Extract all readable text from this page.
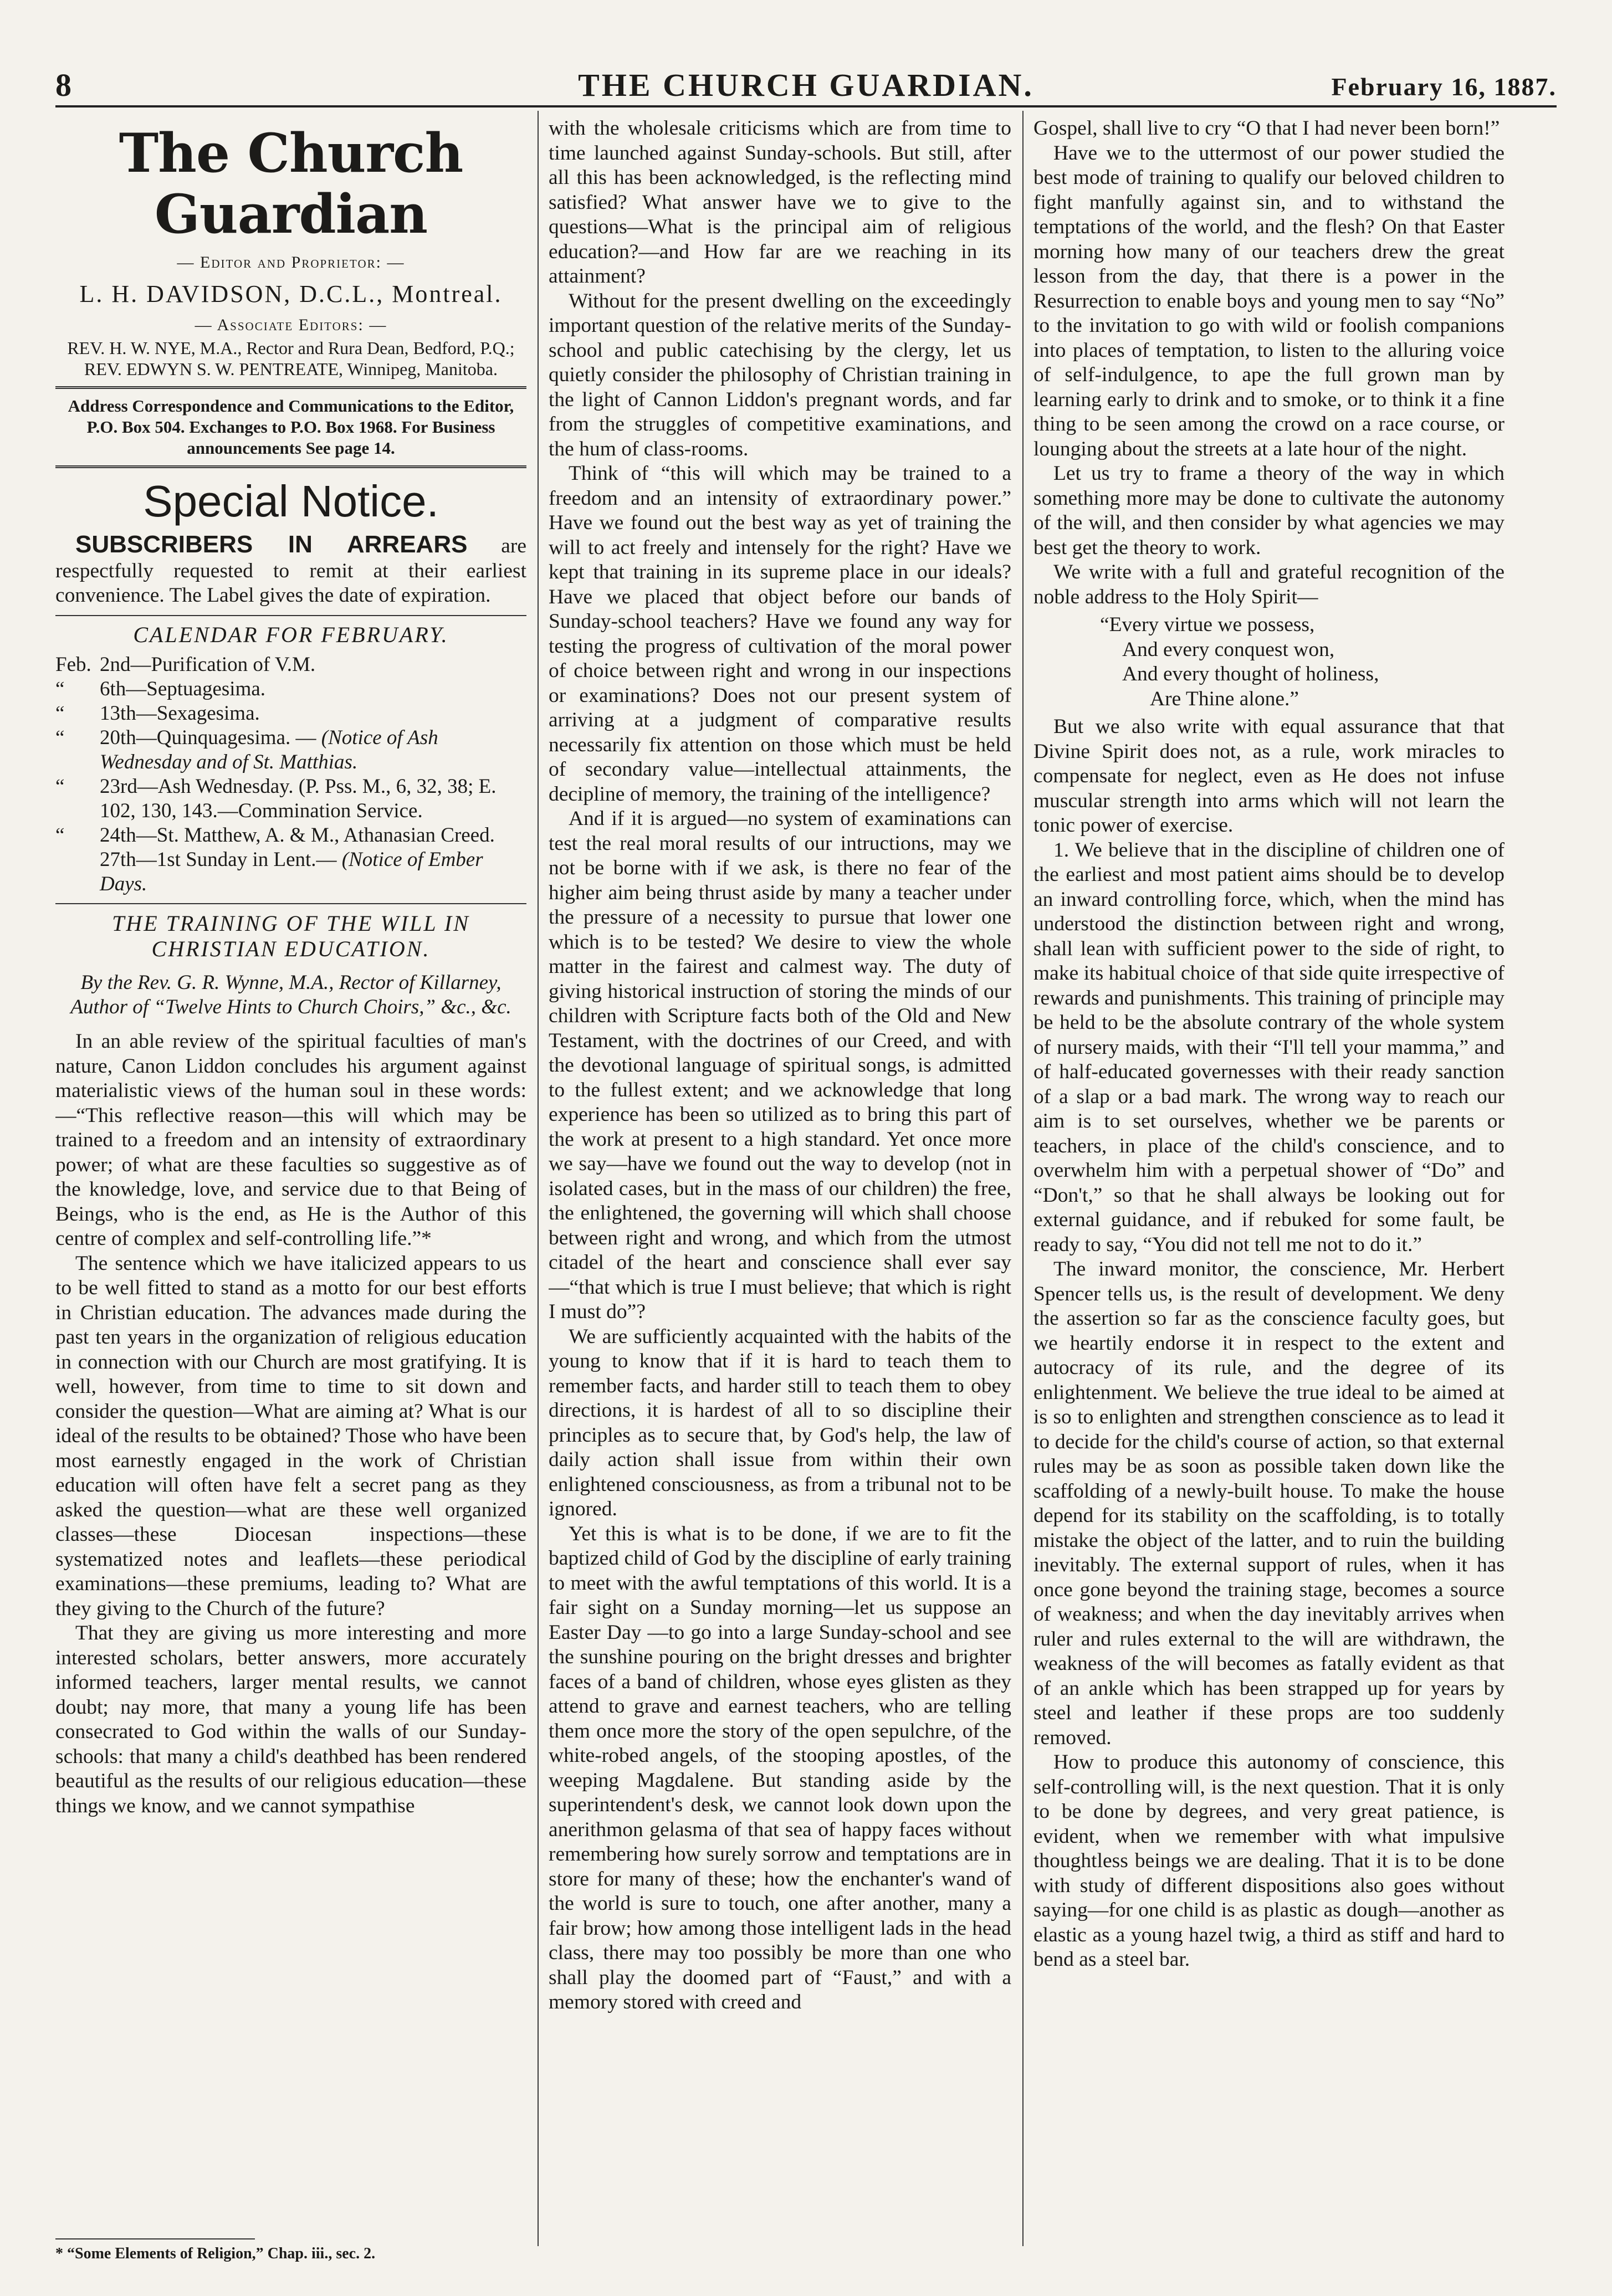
8	THE CHURCH GUARDIAN.	February 16, 1887.
The Church Guardian
— Editor and Proprietor: —
L. H. DAVIDSON, D.C.L., Montreal.
— Associate Editors: —
REV. H. W. NYE, M.A., Rector and Rura Dean, Bedford, P.Q.; REV. EDWYN S. W. PENTREATE, Winnipeg, Manitoba.
Address Correspondence and Communications to the Editor, P.O. Box 504. Exchanges to P.O. Box 1968. For Business announcements See page 14.
Special Notice.

SUBSCRIBERS IN ARREARS are respectfully requested to remit at their earliest convenience. The Label gives the date of expiration.

CALENDAR FOR FEBRUARY.
Feb. 2nd—Purification of V.M.
“	6th—Septuagesima.
“	13th—Sexagesima.
“	20th—Quinquagesima. — (Notice of Ash Wednesday and of St. Matthias.
“	23rd—Ash Wednesday. (P. Pss. M., 6, 32, 38; E. 102, 130, 143.—Commination Service.
“	24th—St. Matthew, A. & M., Athanasian Creed.
27th—1st Sunday in Lent.— (Notice of Ember Days.
THE TRAINING OF THE WILL IN CHRISTIAN EDUCATION.
By the Rev. G. R. Wynne, M.A., Rector of Killarney, Author of “Twelve Hints to Church Choirs,” &c., &c.

In an able review of the spiritual faculties of man's nature, Canon Liddon concludes his argument against materialistic views of the human soul in these words:—“This reflective reason—this will which may be trained to a freedom and an intensity of extraordinary power; of what are these faculties so suggestive as of the knowledge, love, and service due to that Being of Beings, who is the end, as He is the Author of this centre of complex and self-controlling life.”*

The sentence which we have italicized appears to us to be well fitted to stand as a motto for our best efforts in Christian education. The advances made during the past ten years in the organization of religious education in connection with our Church are most gratifying. It is well, however, from time to time to sit down and consider the question—What are aiming at? What is our ideal of the results to be obtained? Those who have been most earnestly engaged in the work of Christian education will often have felt a secret pang as they asked the question—what are these well organized classes—these Diocesan inspections—these systematized notes and leaflets—these periodical examinations—these premiums, leading to? What are they giving to the Church of the future?

That they are giving us more interesting and more interested scholars, better answers, more accurately informed teachers, larger mental results, we cannot doubt; nay more, that many a young life has been consecrated to God within the walls of our Sunday-schools: that many a child's deathbed has been rendered beautiful as the results of our religious education—these things we know, and we cannot sympathise

* “Some Elements of Religion,” Chap. iii., sec. 2.

with the wholesale criticisms which are from time to time launched against Sunday-schools. But still, after all this has been acknowledged, is the reflecting mind satisfied? What answer have we to give to the questions—What is the principal aim of religious education?—and How far are we reaching in its attainment?

Without for the present dwelling on the exceedingly important question of the relative merits of the Sunday-school and public catechising by the clergy, let us quietly consider the philosophy of Christian training in the light of Cannon Liddon's pregnant words, and far from the struggles of competitive examinations, and the hum of class-rooms.

Think of “this will which may be trained to a freedom and an intensity of extraordinary power.” Have we found out the best way as yet of training the will to act freely and intensely for the right? Have we kept that training in its supreme place in our ideals? Have we placed that object before our bands of Sunday-school teachers? Have we found any way for testing the progress of cultivation of the moral power of choice between right and wrong in our inspections or examinations? Does not our present system of arriving at a judgment of comparative results necessarily fix attention on those which must be held of secondary value—intellectual attainments, the decipline of memory, the training of the intelligence?

And if it is argued—no system of examinations can test the real moral results of our intructions, may we not be borne with if we ask, is there no fear of the higher aim being thrust aside by many a teacher under the pressure of a necessity to pursue that lower one which is to be tested? We desire to view the whole matter in the fairest and calmest way. The duty of giving historical instruction of storing the minds of our children with Scripture facts both of the Old and New Testament, with the doctrines of our Creed, and with the devotional language of spiritual songs, is admitted to the fullest extent; and we acknowledge that long experience has been so utilized as to bring this part of the work at present to a high standard. Yet once more we say—have we found out the way to develop (not in isolated cases, but in the mass of our children) the free, the enlightened, the governing will which shall choose between right and wrong, and which from the utmost citadel of the heart and conscience shall ever say—“that which is true I must believe; that which is right I must do”?

We are sufficiently acquainted with the habits of the young to know that if it is hard to teach them to remember facts, and harder still to teach them to obey directions, it is hardest of all to so discipline their principles as to secure that, by God's help, the law of daily action shall issue from within their own enlightened consciousness, as from a tribunal not to be ignored.

Yet this is what is to be done, if we are to fit the baptized child of God by the discipline of early training to meet with the awful temptations of this world. It is a fair sight on a Sunday morning—let us suppose an Easter Day —to go into a large Sunday-school and see the sunshine pouring on the bright dresses and brighter faces of a band of children, whose eyes glisten as they attend to grave and earnest teachers, who are telling them once more the story of the open sepulchre, of the white-robed angels, of the stooping apostles, of the weeping Magdalene. But standing aside by the superintendent's desk, we cannot look down upon the anerithmon gelasma of that sea of happy faces without remembering how surely sorrow and temptations are in store for many of these; how the enchanter's wand of the world is sure to touch, one after another, many a fair brow; how among those intelligent lads in the head class, there may too possibly be more than one who shall play the doomed part of “Faust,” and with a memory stored with creed and

Gospel, shall live to cry “O that I had never been born!”

Have we to the uttermost of our power studied the best mode of training to qualify our beloved children to fight manfully against sin, and to withstand the temptations of the world, and the flesh? On that Easter morning how many of our teachers drew the great lesson from the day, that there is a power in the Resurrection to enable boys and young men to say “No” to the invitation to go with wild or foolish companions into places of temptation, to listen to the alluring voice of self-indulgence, to ape the full grown man by learning early to drink and to smoke, or to think it a fine thing to be seen among the crowd on a race course, or lounging about the streets at a late hour of the night.

Let us try to frame a theory of the way in which something more may be done to cultivate the autonomy of the will, and then consider by what agencies we may best get the theory to work.

We write with a full and grateful recognition of the noble address to the Holy Spirit—

“Every virtue we possess,
And every conquest won,
And every thought of holiness,
Are Thine alone.”

But we also write with equal assurance that that Divine Spirit does not, as a rule, work miracles to compensate for neglect, even as He does not infuse muscular strength into arms which will not learn the tonic power of exercise.

1. We believe that in the discipline of children one of the earliest and most patient aims should be to develop an inward controlling force, which, when the mind has understood the distinction between right and wrong, shall lean with sufficient power to the side of right, to make its habitual choice of that side quite irrespective of rewards and punishments. This training of principle may be held to be the absolute contrary of the whole system of nursery maids, with their “I'll tell your mamma,” and of half-educated governesses with their ready sanction of a slap or a bad mark. The wrong way to reach our aim is to set ourselves, whether we be parents or teachers, in place of the child's conscience, and to overwhelm him with a perpetual shower of “Do” and “Don't,” so that he shall always be looking out for external guidance, and if rebuked for some fault, be ready to say, “You did not tell me not to do it.”

The inward monitor, the conscience, Mr. Herbert Spencer tells us, is the result of development. We deny the assertion so far as the conscience faculty goes, but we heartily endorse it in respect to the extent and autocracy of its rule, and the degree of its enlightenment. We believe the true ideal to be aimed at is so to enlighten and strengthen conscience as to lead it to decide for the child's course of action, so that external rules may be as soon as possible taken down like the scaffolding of a newly-built house. To make the house depend for its stability on the scaffolding, is to totally mistake the object of the latter, and to ruin the building inevitably. The external support of rules, when it has once gone beyond the training stage, becomes a source of weakness; and when the day inevitably arrives when ruler and rules external to the will are withdrawn, the weakness of the will becomes as fatally evident as that of an ankle which has been strapped up for years by steel and leather if these props are too suddenly removed.

How to produce this autonomy of conscience, this self-controlling will, is the next question. That it is only to be done by degrees, and very great patience, is evident, when we remember with what impulsive thoughtless beings we are dealing. That it is to be done with study of different dispositions also goes without saying—for one child is as plastic as dough—another as elastic as a young hazel twig, a third as stiff and hard to bend as a steel bar.
